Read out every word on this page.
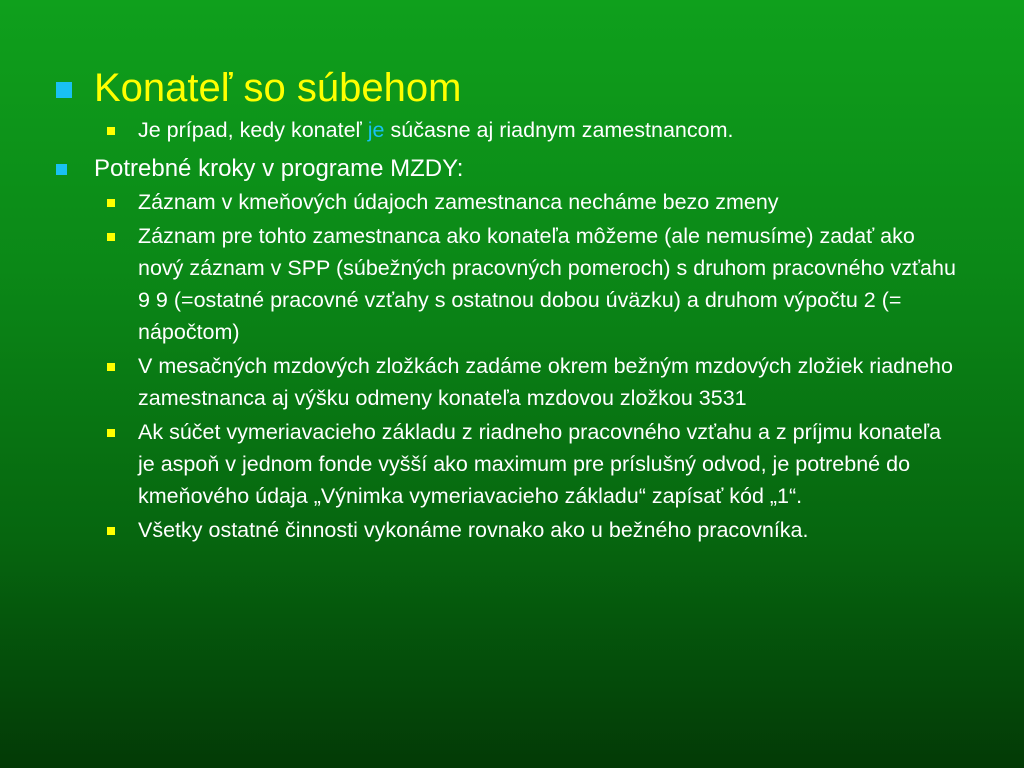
Konateľ so súbehom
Je prípad, kedy konateľ je súčasne aj riadnym zamestnancom.
Potrebné kroky v programe MZDY:
Záznam v kmeňových údajoch zamestnanca necháme bezo zmeny
Záznam pre tohto zamestnanca ako konateľa môžeme (ale nemusíme) zadať ako nový záznam v SPP (súbežných pracovných pomeroch) s druhom pracovného vzťahu 9 9 (=ostatné pracovné vzťahy s ostatnou dobou úväzku) a druhom výpočtu 2 (= nápočtom)
V mesačných mzdových zložkách zadáme okrem bežným mzdových zložiek riadneho zamestnanca aj výšku odmeny konateľa mzdovou zložkou 3531
Ak súčet vymeriavacieho základu z riadneho pracovného vzťahu a z príjmu konateľa je aspoň v jednom fonde vyšší ako maximum pre príslušný odvod, je potrebné do kmeňového údaja „Výnimka vymeriavacieho základu“ zapísať kód „1“.
Všetky ostatné činnosti vykonáme rovnako ako u bežného pracovníka.
